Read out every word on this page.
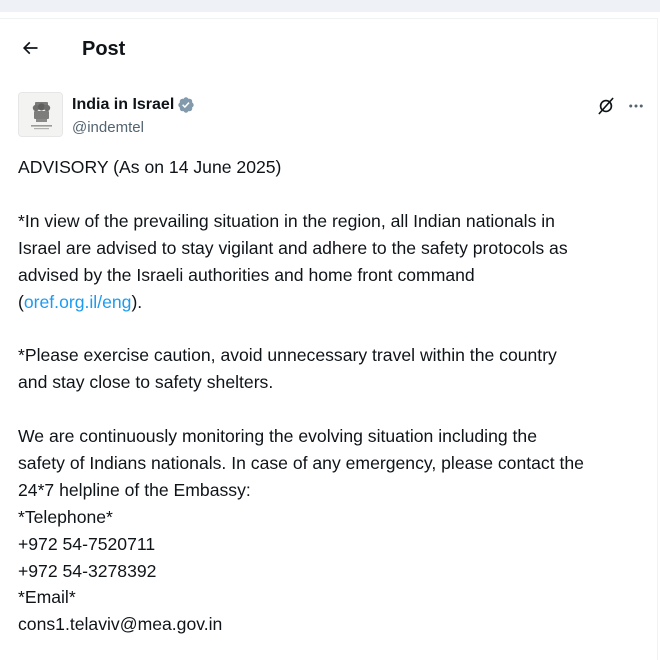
Post
India in Israel
@indemtel

ADVISORY (As on 14 June 2025)

*In view of the prevailing situation in the region, all Indian nationals in

Israel are advised to stay vigilant and adhere to the safety protocols as

advised by the Israeli authorities and home front command

(oref.org.il/eng).

*Please exercise caution, avoid unnecessary travel within the country

and stay close to safety shelters.

We are continuously monitoring the evolving situation including the

safety of Indians nationals. In case of any emergency, please contact the

24*7 helpline of the Embassy:

*Telephone*

+972 54-7520711

+972 54-3278392

*Email*

cons1.telaviv@mea.gov.in
